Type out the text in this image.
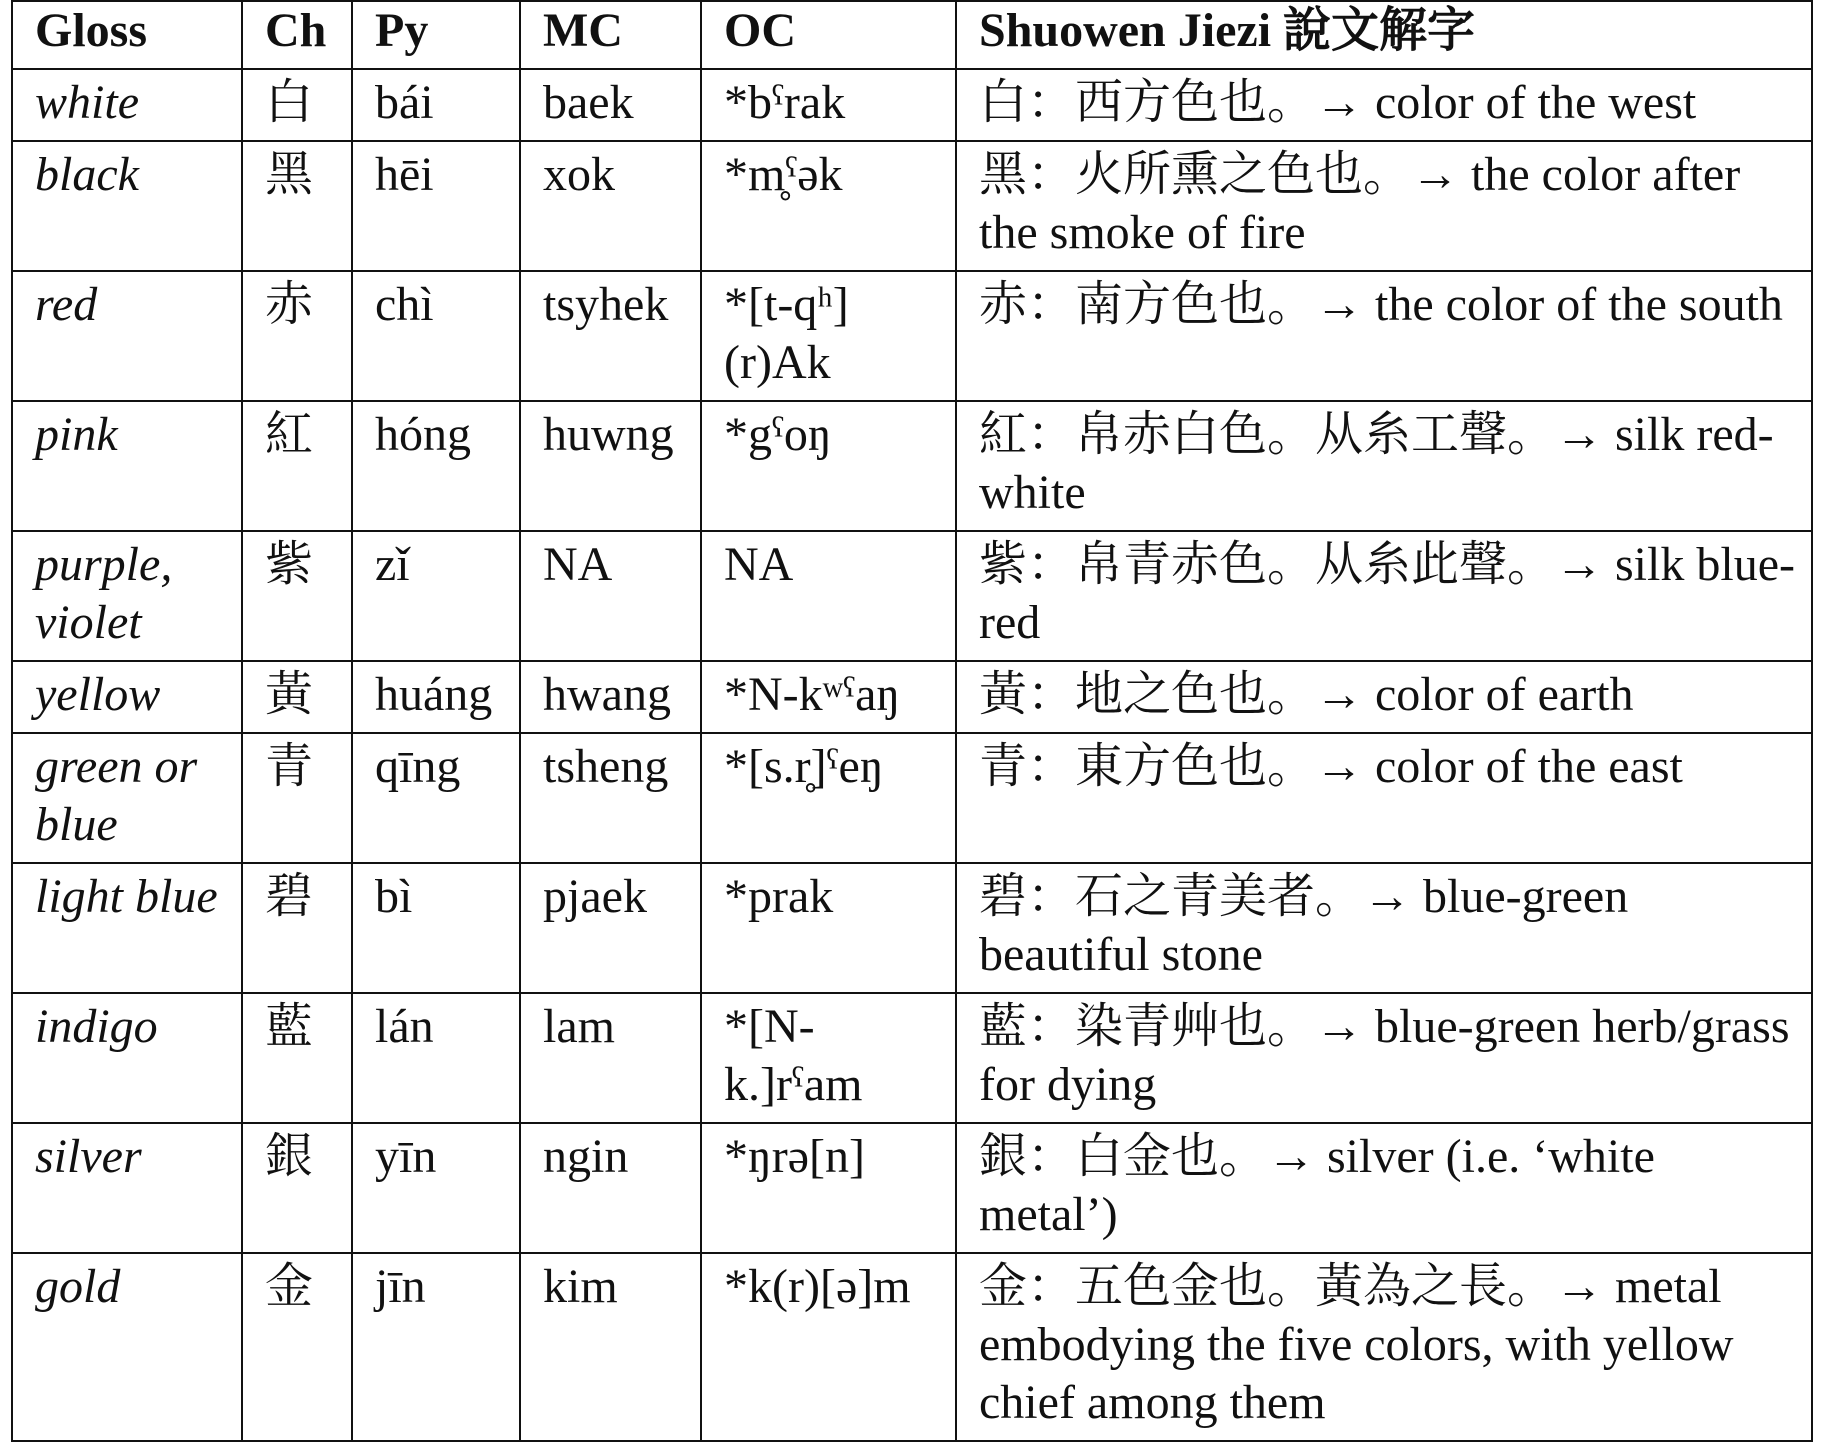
Gloss	Ch	Py	MC	OC	Shuowen Jiezi 說文解字
white	白	bái	baek	*bˤrak	白：西方色也。→ color of the west
black	黑	hēi	xok	*m̥ˤək	黑：火所熏之色也。→ the color after the smoke of fire
red	赤	chì	tsyhek	*[t-qʰ](r)Ak	赤：南方色也。→ the color of the south
pink	紅	hóng	huwng	*gˤoŋ	紅：帛赤白色。从糸工聲。→ silk red-white
purple, violet	紫	zǐ	NA	NA	紫：帛青赤色。从糸此聲。→ silk blue-red
yellow	黃	huáng	hwang	*N-kʷˤaŋ	黃：地之色也。→ color of earth
green or blue	青	qīng	tsheng	*[s.r̥]ˤeŋ	青：東方色也。→ color of the east
light blue	碧	bì	pjaek	*prak	碧：石之青美者。→ blue-green beautiful stone
indigo	藍	lán	lam	*[N-k.]rˤam	藍：染青艸也。→ blue-green herb/grass for dying
silver	銀	yīn	ngin	*ŋrə[n]	銀：白金也。→ silver (i.e. ‘white metal’)
gold	金	jīn	kim	*k(r)[ə]m	金：五色金也。黃為之長。→ metal embodying the five colors, with yellow chief among them
